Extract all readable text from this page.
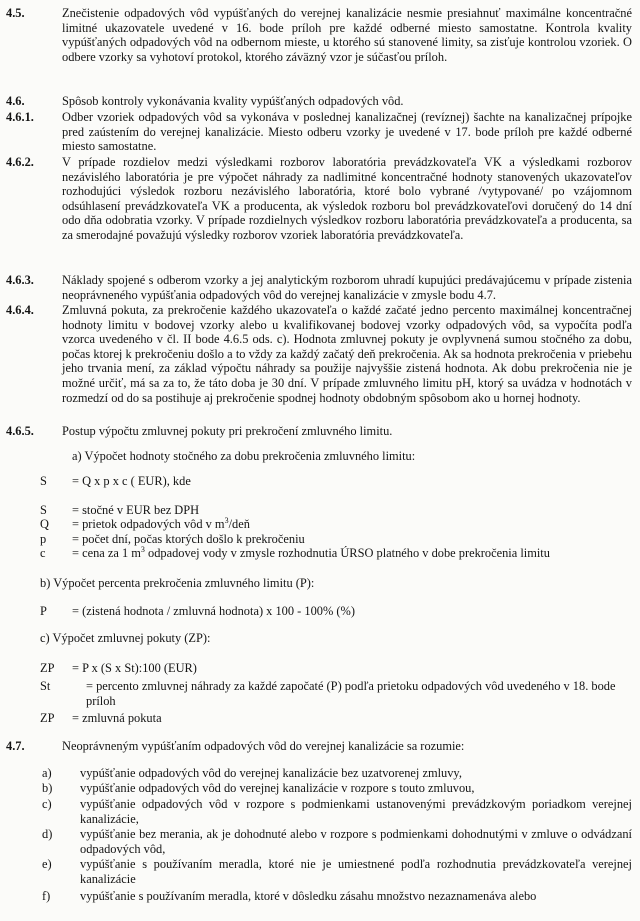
4.5.	Znečistenie odpadových vôd vypúšťaných do verejnej kanalizácie nesmie presiahnuť maximálne koncentračné limitné ukazovatele uvedené v 16. bode príloh pre každé odberné miesto samostatne. Kontrola kvality vypúšťaných odpadových vôd na odbernom mieste, u ktorého sú stanovené limity, sa zisťuje kontrolou vzoriek. O odbere vzorky sa vyhotoví protokol, ktorého záväzný vzor je súčasťou príloh.
4.6.	Spôsob kontroly vykonávania kvality vypúšťaných odpadových vôd.
4.6.1. Odber vzoriek odpadových vôd sa vykonáva v poslednej kanalizačnej (revíznej) šachte na kanalizačnej prípojke pred zaústením do verejnej kanalizácie. Miesto odberu vzorky je uvedené v 17. bode príloh pre každé odberné miesto samostatne.
4.6.2. V prípade rozdielov medzi výsledkami rozborov laboratória prevádzkovateľa VK a výsledkami rozborov nezávislého laboratória je pre výpočet náhrady za nadlimitné koncentračné hodnoty stanovených ukazovateľov rozhodujúci výsledok rozboru nezávislého laboratória, ktoré bolo vybrané /vytypované/ po vzájomnom odsúhlasení prevádzkovateľa VK a producenta, ak výsledok rozboru bol prevádzkovateľovi doručený do 14 dní odo dňa odobratia vzorky. V prípade rozdielnych výsledkov rozboru laboratória prevádzkovateľa a producenta, sa za smerodajné považujú výsledky rozborov vzoriek laboratória prevádzkovateľa.
4.6.3. Náklady spojené s odberom vzorky a jej analytickým rozborom uhradí kupujúci predávajúcemu v prípade zistenia neoprávneného vypúšťania odpadových vôd do verejnej kanalizácie v zmysle bodu 4.7.
4.6.4. Zmluvná pokuta, za prekročenie každého ukazovateľa o každé začaté jedno percento maximálnej koncentračnej hodnoty limitu v bodovej vzorky alebo u kvalifikovanej bodovej vzorky odpadových vôd, sa vypočíta podľa vzorca uvedeného v čl. II bode 4.6.5 ods. c). Hodnota zmluvnej pokuty je ovplyvnená sumou stočného za dobu, počas ktorej k prekročeniu došlo a to vždy za každý začatý deň prekročenia. Ak sa hodnota prekročenia v priebehu jeho trvania mení, za základ výpočtu náhrady sa použije najvyššie zistená hodnota. Ak dobu prekročenia nie je možné určiť, má sa za to, že táto doba je 30 dní. V prípade zmluvného limitu pH, ktorý sa uvádza v hodnotách v rozmedzí od do sa postihuje aj prekročenie spodnej hodnoty obdobným spôsobom ako u hornej hodnoty.
4.6.5. Postup výpočtu zmluvnej pokuty pri prekročení zmluvného limitu.
a) Výpočet hodnoty stočného za dobu prekročenia zmluvného limitu:
S = Q x p x c ( EUR), kde
S = stočné v EUR bez DPH
Q = prietok odpadových vôd v $m^3$/deň
p = počet dní, počas ktorých došlo k prekročeniu
c = cena za 1 $m^3$ odpadovej vody v zmysle rozhodnutia ÚRSO platného v dobe prekročenia limitu
b) Výpočet percenta prekročenia zmluvného limitu (P):
P = (zistená hodnota / zmluvná hodnota) x 100 - 100% (%)
c) Výpočet zmluvnej pokuty (ZP):
ZP = P x (S x St):100 (EUR)
St	= percento zmluvnej náhrady za každé započaté (P) podľa prietoku odpadových vôd uvedeného v 18. bode príloh
ZP = zmluvná pokuta
4.7.	Neoprávneným vypúšťaním odpadových vôd do verejnej kanalizácie sa rozumie:
a) vypúšťanie odpadových vôd do verejnej kanalizácie bez uzatvorenej zmluvy,
b) vypúšťanie odpadových vôd do verejnej kanalizácie v rozpore s touto zmluvou,
c) vypúšťanie odpadových vôd v rozpore s podmienkami ustanovenými prevádzkovým poriadkom verejnej kanalizácie,
d) vypúšťanie bez merania, ak je dohodnuté alebo v rozpore s podmienkami dohodnutými v zmluve o odvádzaní odpadových vôd,
e) vypúšťanie s používaním meradla, ktoré nie je umiestnené podľa rozhodnutia prevádzkovateľa verejnej kanalizácie
f) vypúšťanie s používaním meradla, ktoré v dôsledku zásahu množstvo nezaznamenáva alebo
